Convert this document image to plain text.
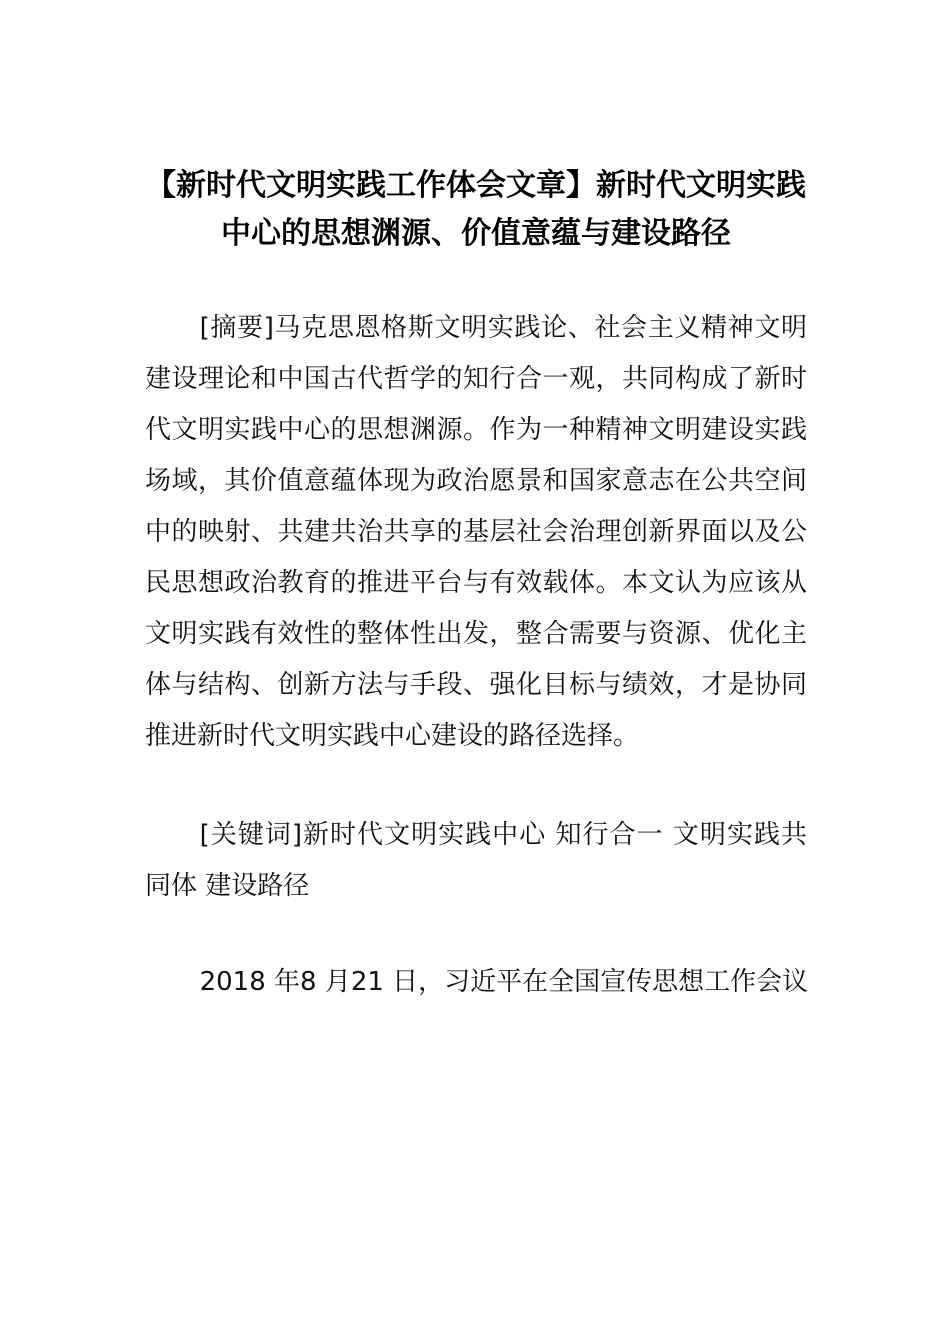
【新时代文明实践工作体会文章】新时代文明实践中心的思想渊源、价值意蕴与建设路径

[摘要]马克思恩格斯文明实践论、社会主义精神文明建设理论和中国古代哲学的知行合一观，共同构成了新时代文明实践中心的思想渊源。作为一种精神文明建设实践场域，其价值意蕴体现为政治愿景和国家意志在公共空间中的映射、共建共治共享的基层社会治理创新界面以及公民思想政治教育的推进平台与有效载体。本文认为应该从文明实践有效性的整体性出发，整合需要与资源、优化主体与结构、创新方法与手段、强化目标与绩效，才是协同推进新时代文明实践中心建设的路径选择。

[关键词]新时代文明实践中心 知行合一 文明实践共同体 建设路径

2018 年8 月21 日，习近平在全国宣传思想工作会议
